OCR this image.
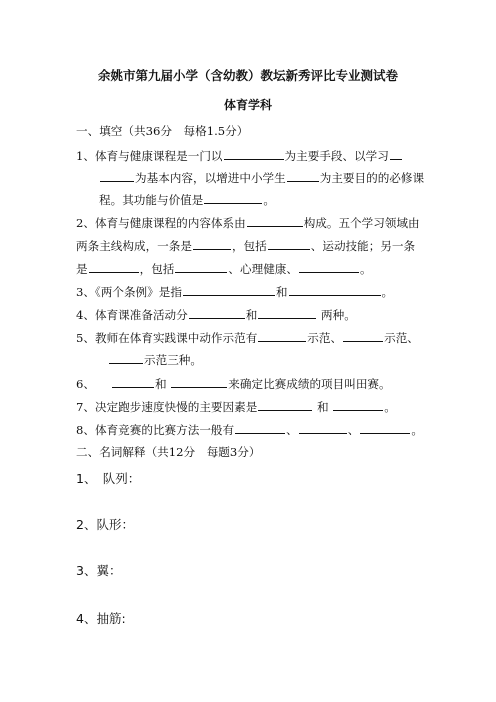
余姚市第九届小学（含幼教）教坛新秀评比专业测试卷
体育学科
一、填空（共36分　每格1.5分）
1、体育与健康课程是一门以	为主要手段、以学习
为基本内容，以增进中小学生	为主要目的的必修课
程。其功能与价值是	。
2、体育与健康课程的内容体系由	构成。五个学习领域由
两条主线构成，一条是	，包括	、运动技能；另一条
是	，包括	、心理健康、	。
3、《两个条例》是指	和	。
4、体育课准备活动分	和	两种。
5、教师在体育实践课中动作示范有	示范、	示范、
示范三种。
6、	和	来确定比赛成绩的项目叫田赛。
7、决定跑步速度快慢的主要因素是	和	。
8、体育竞赛的比赛方法一般有	、	、	。
二、名词解释（共12分　每题3分）
1、　队列：
2、队形：
3、翼：
4、抽筋:
